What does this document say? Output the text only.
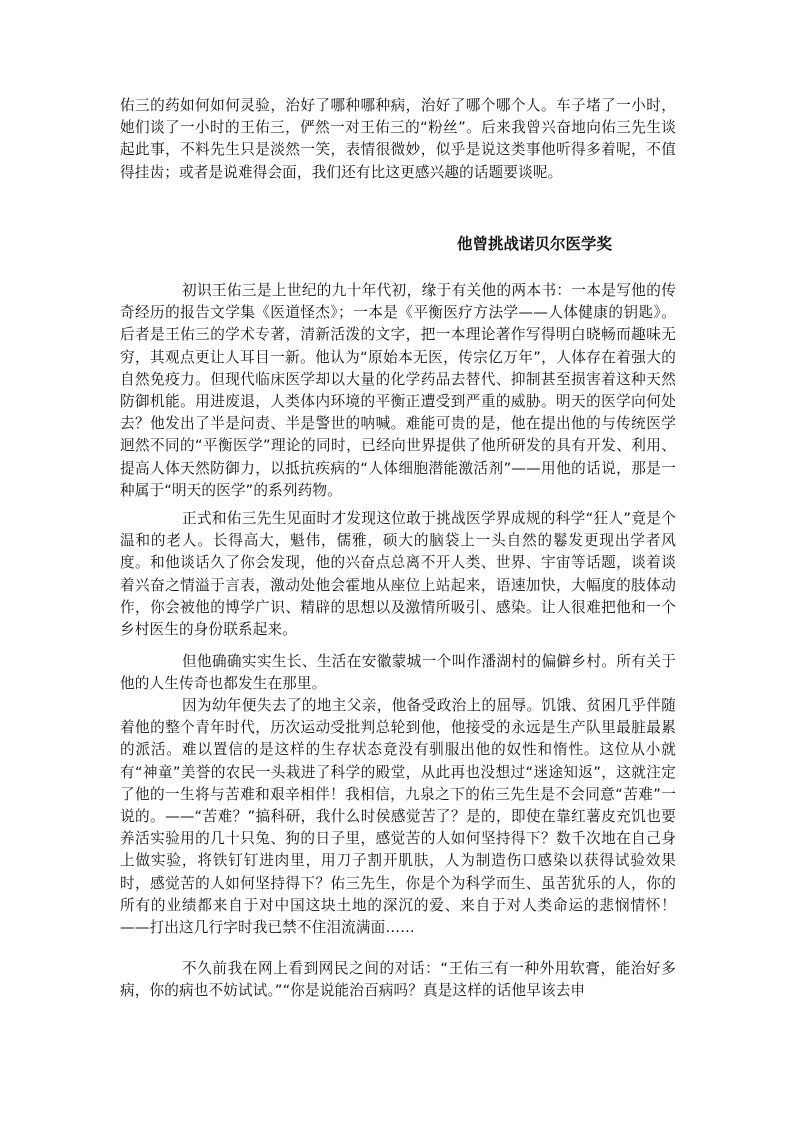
佑三的药如何如何灵验，治好了哪种哪种病，治好了哪个哪个人。车子堵了一小时，她们谈了一小时的王佑三，俨然一对王佑三的“粉丝”。后来我曾兴奋地向佑三先生谈起此事，不料先生只是淡然一笑，表情很微妙，似乎是说这类事他听得多着呢，不值得挂齿；或者是说难得会面，我们还有比这更感兴趣的话题要谈呢。

初识王佑三是上世纪的九十年代初，缘于有关他的两本书：一本是写他的传奇经历的报告文学集《医道怪杰》；一本是《平衡医疗方法学——人体健康的钥匙》。后者是王佑三的学术专著，清新活泼的文字，把一本理论著作写得明白晓畅而趣味无穷，其观点更让人耳目一新。他认为“原始本无医，传宗亿万年”，人体存在着强大的自然免疫力。但现代临床医学却以大量的化学药品去替代、抑制甚至损害着这种天然防御机能。用进废退，人类体内环境的平衡正遭受到严重的威胁。明天的医学向何处去？他发出了半是问责、半是警世的呐喊。难能可贵的是，他在提出他的与传统医学迥然不同的“平衡医学”理论的同时，已经向世界提供了他所研发的具有开发、利用、提高人体天然防御力，以抵抗疾病的“人体细胞潜能激活剂”——用他的话说，那是一种属于“明天的医学”的系列药物。

正式和佑三先生见面时才发现这位敢于挑战医学界成规的科学“狂人”竟是个温和的老人。长得高大，魁伟，儒雅，硕大的脑袋上一头自然的鬈发更现出学者风度。和他谈话久了你会发现，他的兴奋点总离不开人类、世界、宇宙等话题，谈着谈着兴奋之情溢于言表，激动处他会霍地从座位上站起来，语速加快，大幅度的肢体动作，你会被他的博学广识、精辟的思想以及激情所吸引、感染。让人很难把他和一个乡村医生的身份联系起来。

但他确确实实生长、生活在安徽蒙城一个叫作潘湖村的偏僻乡村。所有关于他的人生传奇也都发生在那里。

因为幼年便失去了的地主父亲，他备受政治上的屈辱。饥饿、贫困几乎伴随着他的整个青年时代，历次运动受批判总轮到他，他接受的永远是生产队里最脏最累的派活。难以置信的是这样的生存状态竟没有驯服出他的奴性和惰性。这位从小就有“神童”美誉的农民一头栽进了科学的殿堂，从此再也没想过“迷途知返”，这就注定了他的一生将与苦难和艰辛相伴！我相信，九泉之下的佑三先生是不会同意“苦难”一说的。——“苦难？”搞科研，我什么时侯感觉苦了？是的，即使在靠红薯皮充饥也要养活实验用的几十只兔、狗的日子里，感觉苦的人如何坚持得下？数千次地在自己身上做实验，将铁钉钉进肉里，用刀子割开肌肤，人为制造伤口感染以获得试验效果时，感觉苦的人如何坚持得下？佑三先生，你是个为科学而生、虽苦犹乐的人，你的所有的业绩都来自于对中国这块土地的深沉的爱、来自于对人类命运的悲悯情怀！——打出这几行字时我已禁不住泪流满面……

不久前我在网上看到网民之间的对话：“王佑三有一种外用软膏，能治好多病，你的病也不妨试试。”“你是说能治百病吗？真是这样的话他早该去申

他曾挑战诺贝尔医学奖
